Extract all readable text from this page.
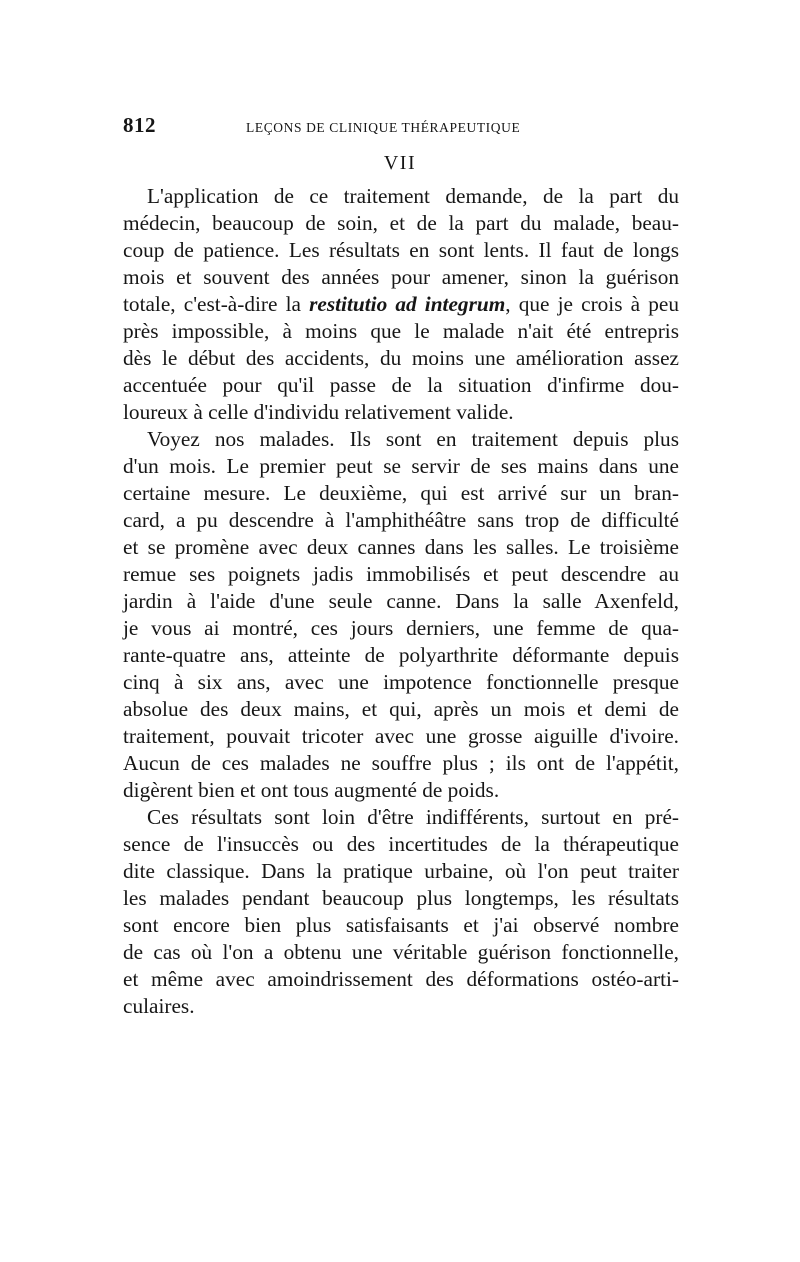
812	LEÇONS DE CLINIQUE THÉRAPEUTIQUE
VII
L'application de ce traitement demande, de la part du
médecin, beaucoup de soin, et de la part du malade, beau-
coup de patience. Les résultats en sont lents. Il faut de longs
mois et souvent des années pour amener, sinon la guérison
totale, c'est-à-dire la restitutio ad integrum, que je crois à peu
près impossible, à moins que le malade n'ait été entrepris
dès le début des accidents, du moins une amélioration assez
accentuée pour qu'il passe de la situation d'infirme dou-
loureux à celle d'individu relativement valide.
Voyez nos malades. Ils sont en traitement depuis plus
d'un mois. Le premier peut se servir de ses mains dans une
certaine mesure. Le deuxième, qui est arrivé sur un bran-
card, a pu descendre à l'amphithéâtre sans trop de difficulté
et se promène avec deux cannes dans les salles. Le troisième
remue ses poignets jadis immobilisés et peut descendre au
jardin à l'aide d'une seule canne. Dans la salle Axenfeld,
je vous ai montré, ces jours derniers, une femme de qua-
rante-quatre ans, atteinte de polyarthrite déformante depuis
cinq à six ans, avec une impotence fonctionnelle presque
absolue des deux mains, et qui, après un mois et demi de
traitement, pouvait tricoter avec une grosse aiguille d'ivoire.
Aucun de ces malades ne souffre plus ; ils ont de l'appétit,
digèrent bien et ont tous augmenté de poids.
Ces résultats sont loin d'être indifférents, surtout en pré-
sence de l'insuccès ou des incertitudes de la thérapeutique
dite classique. Dans la pratique urbaine, où l'on peut traiter
les malades pendant beaucoup plus longtemps, les résultats
sont encore bien plus satisfaisants et j'ai observé nombre
de cas où l'on a obtenu une véritable guérison fonctionnelle,
et même avec amoindrissement des déformations ostéo-arti-
culaires.
